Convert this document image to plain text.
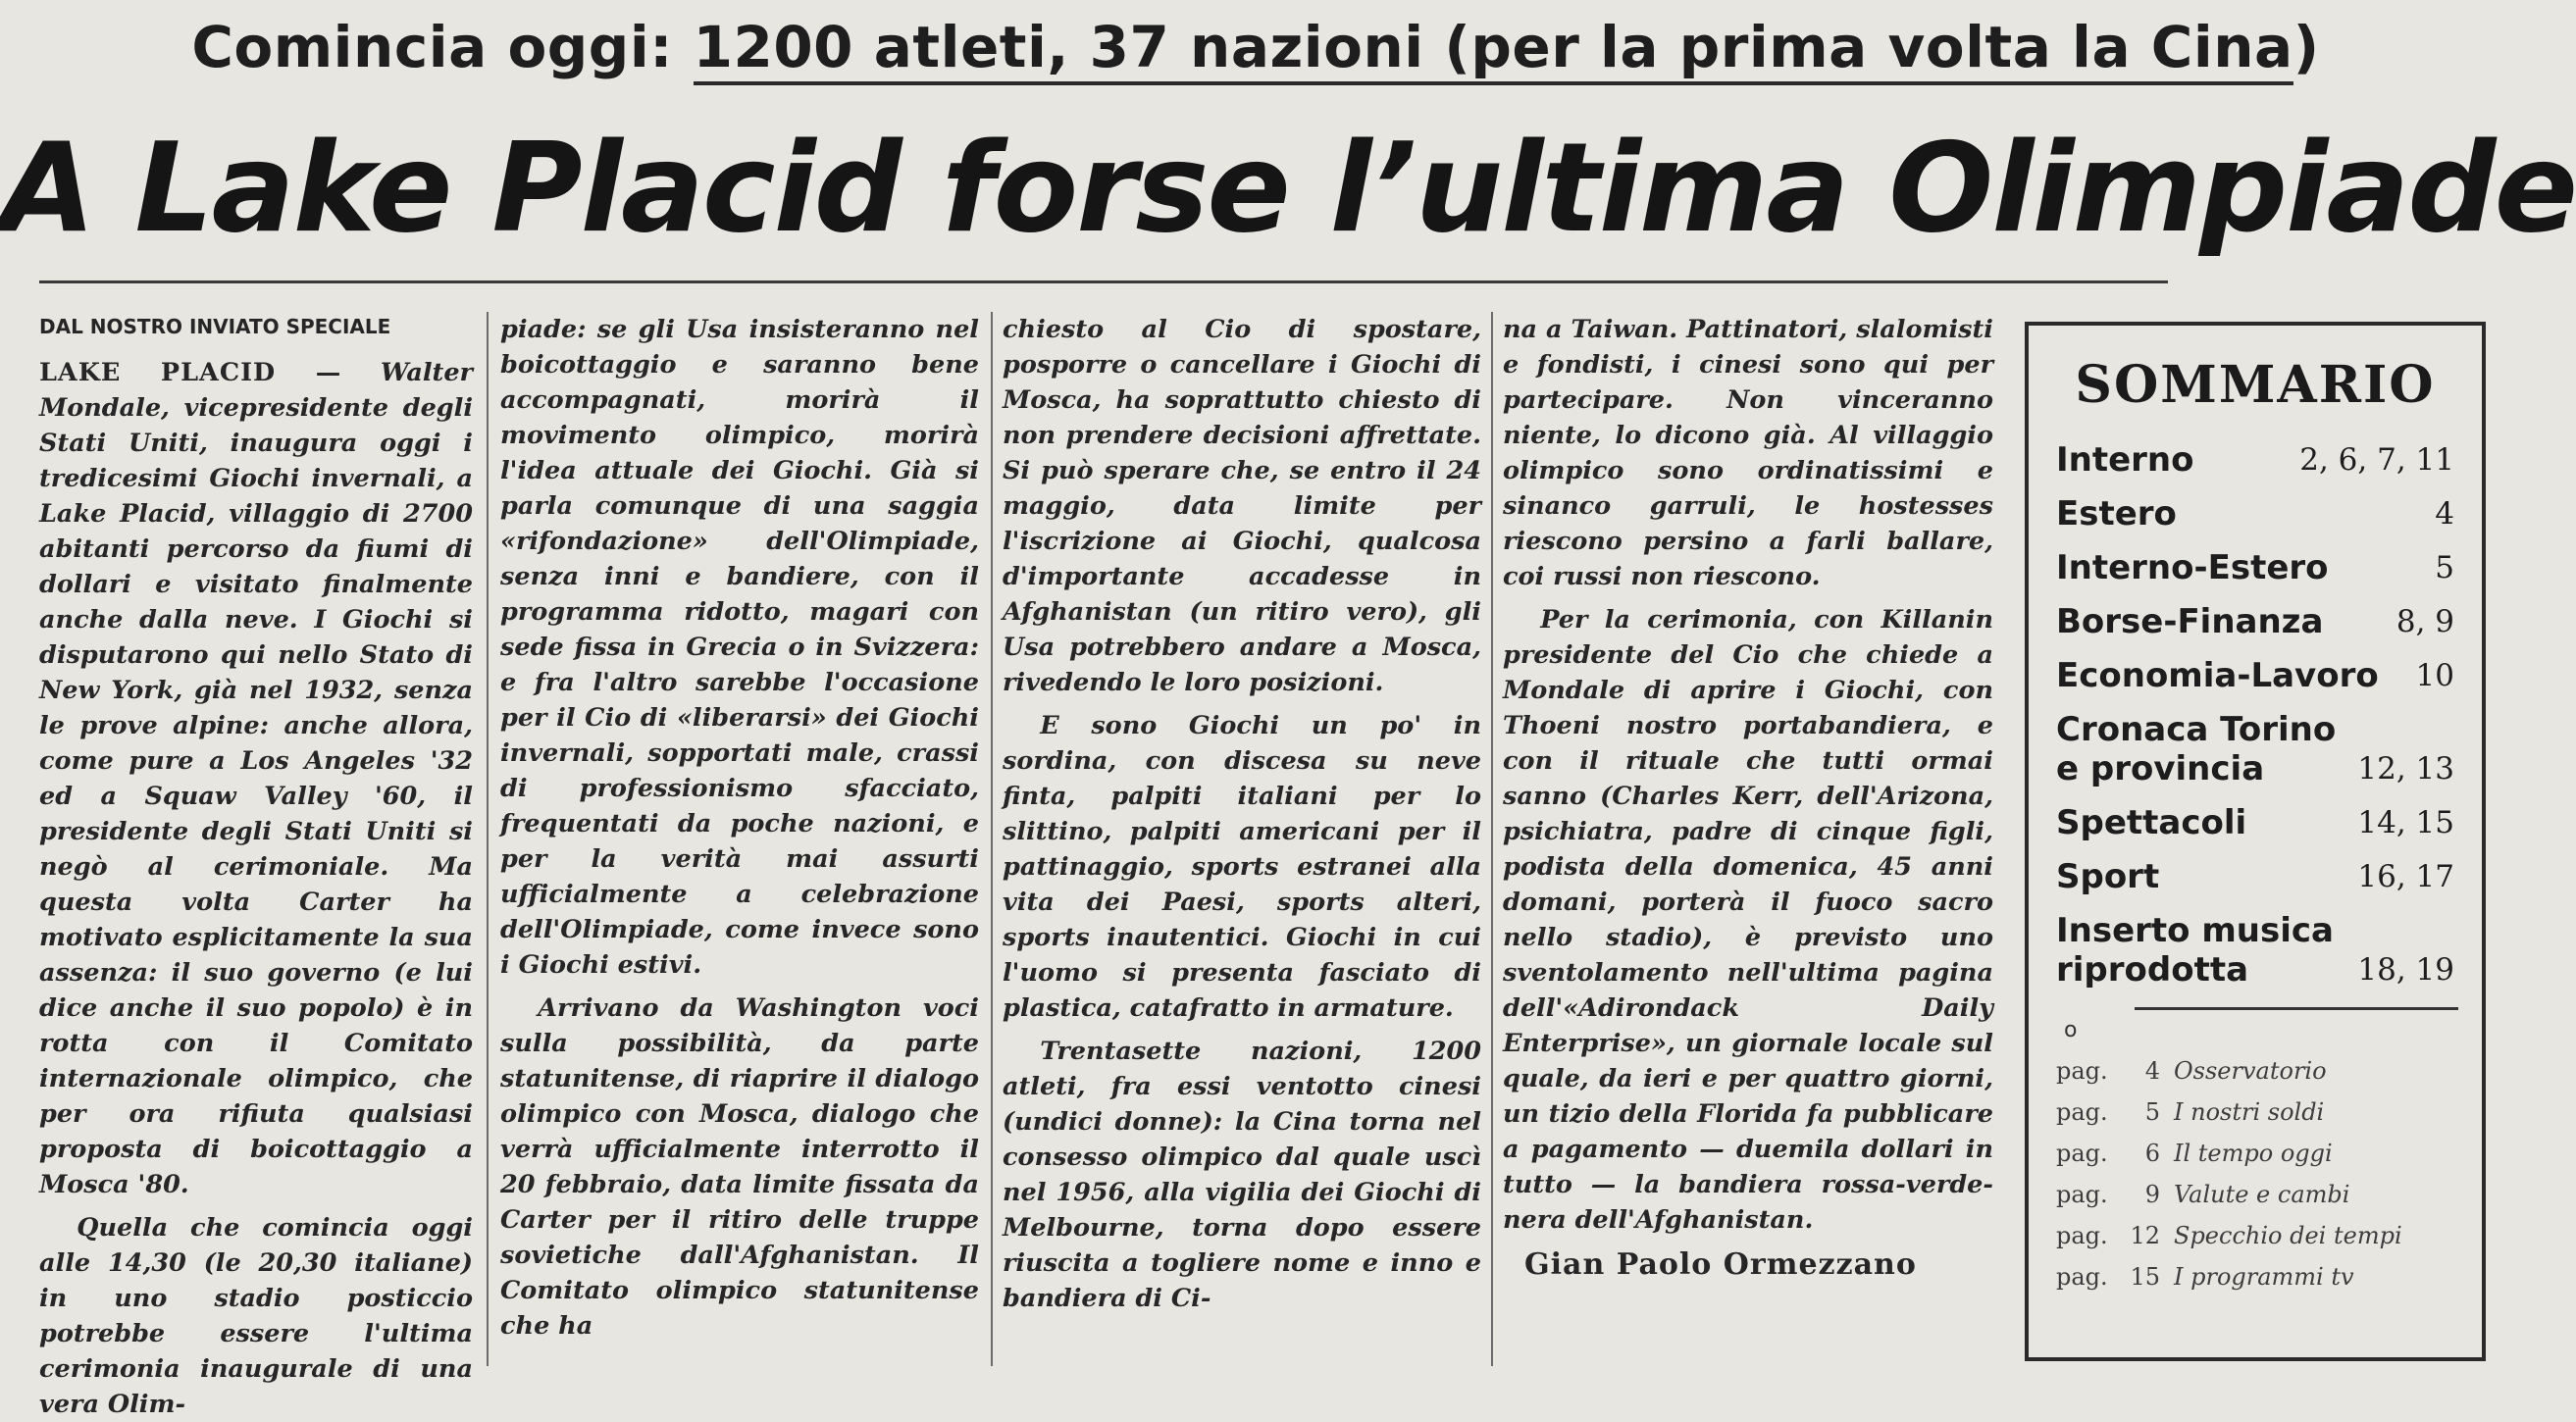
Comincia oggi: 1200 atleti, 37 nazioni (per la prima volta la Cina)
A Lake Placid forse l’ultima Olimpiade
DAL NOSTRO INVIATO SPECIALE

LAKE PLACID — Walter Mondale, vicepresidente degli Stati Uniti, inaugura oggi i tredicesimi Giochi invernali, a Lake Placid, villaggio di 2700 abitanti percorso da fiumi di dollari e visitato finalmente anche dalla neve. I Giochi si disputarono qui nello Stato di New York, già nel 1932, senza le prove alpine: anche allora, come pure a Los Angeles '32 ed a Squaw Valley '60, il presidente degli Stati Uniti si negò al cerimoniale. Ma questa volta Carter ha motivato esplicitamente la sua assenza: il suo governo (e lui dice anche il suo popolo) è in rotta con il Comitato internazionale olimpico, che per ora rifiuta qualsiasi proposta di boicottaggio a Mosca '80.

Quella che comincia oggi alle 14,30 (le 20,30 italiane) in uno stadio posticcio potrebbe essere l'ultima cerimonia inaugurale di una vera Olim-

piade: se gli Usa insisteranno nel boicottaggio e saranno bene accompagnati, morirà il movimento olimpico, morirà l'idea attuale dei Giochi. Già si parla comunque di una saggia «rifondazione» dell'Olimpiade, senza inni e bandiere, con il programma ridotto, magari con sede fissa in Grecia o in Svizzera: e fra l'altro sarebbe l'occasione per il Cio di «liberarsi» dei Giochi invernali, sopportati male, crassi di professionismo sfacciato, frequentati da poche nazioni, e per la verità mai assurti ufficialmente a celebrazione dell'Olimpiade, come invece sono i Giochi estivi.

Arrivano da Washington voci sulla possibilità, da parte statunitense, di riaprire il dialogo olimpico con Mosca, dialogo che verrà ufficialmente interrotto il 20 febbraio, data limite fissata da Carter per il ritiro delle truppe sovietiche dall'Afghanistan. Il Comitato olimpico statunitense che ha

chiesto al Cio di spostare, posporre o cancellare i Giochi di Mosca, ha soprattutto chiesto di non prendere decisioni affrettate. Si può sperare che, se entro il 24 maggio, data limite per l'iscrizione ai Giochi, qualcosa d'importante accadesse in Afghanistan (un ritiro vero), gli Usa potrebbero andare a Mosca, rivedendo le loro posizioni.

E sono Giochi un po' in sordina, con discesa su neve finta, palpiti italiani per lo slittino, palpiti americani per il pattinaggio, sports estranei alla vita dei Paesi, sports alteri, sports inautentici. Giochi in cui l'uomo si presenta fasciato di plastica, catafratto in armature.

Trentasette nazioni, 1200 atleti, fra essi ventotto cinesi (undici donne): la Cina torna nel consesso olimpico dal quale uscì nel 1956, alla vigilia dei Giochi di Melbourne, torna dopo essere riuscita a togliere nome e inno e bandiera di Ci-

na a Taiwan. Pattinatori, slalomisti e fondisti, i cinesi sono qui per partecipare. Non vinceranno niente, lo dicono già. Al villaggio olimpico sono ordinatissimi e sinanco garruli, le hostesses riescono persino a farli ballare, coi russi non riescono.

Per la cerimonia, con Killanin presidente del Cio che chiede a Mondale di aprire i Giochi, con Thoeni nostro portabandiera, e con il rituale che tutti ormai sanno (Charles Kerr, dell'Arizona, psichiatra, padre di cinque figli, podista della domenica, 45 anni domani, porterà il fuoco sacro nello stadio), è previsto uno sventolamento nell'ultima pagina dell'«Adirondack Daily Enterprise», un giornale locale sul quale, da ieri e per quattro giorni, un tizio della Florida fa pubblicare a pagamento — duemila dollari in tutto — la bandiera rossa-verde-nera dell'Afghanistan.

Gian Paolo Ormezzano
SOMMARIO
Interno	2, 6, 7, 11
Estero	4
Interno-Estero	5
Borse-Finanza 8, 9
Economia-Lavoro 10
Cronaca Torino e provincia	12, 13
Spettacoli	14, 15
Sport	16, 17
Inserto musica riprodotta	18, 19
o
pag.	4 Osservatorio
pag.	5 I nostri soldi
pag.	6 Il tempo oggi
pag.	9 Valute e cambi
pag. 12 Specchio dei tempi
pag. 15 I programmi tv
